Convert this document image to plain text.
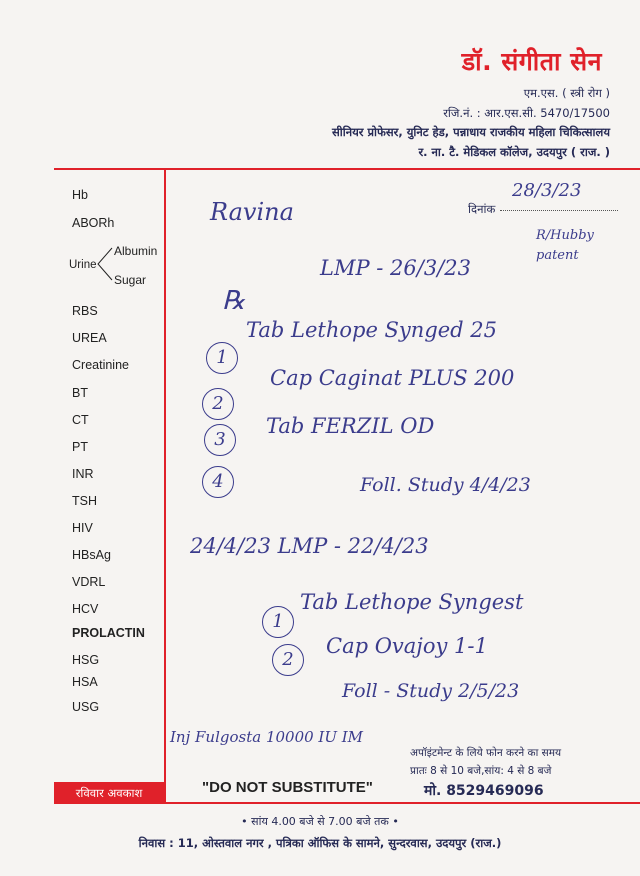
डॉ. संगीता सेन
एम.एस. ( स्त्री रोग )
रजि.नं. : आर.एस.सी. 5470/17500
सीनियर प्रोफेसर, युनिट हेड, पन्नाधाय राजकीय महिला चिकित्सालय
र. ना. टै. मेडिकल कॉलेज, उदयपुर ( राज. )
दिनांक
Hb
ABORh
RBS
UREA
Creatinine
BT
CT
PT
INR
TSH
HIV
HBsAg
VDRL
HCV
PROLACTIN
HSG
HSA
USG
Urine
Albumin
Sugar
28/3/23
Ravina
R/Hubby patent
LMP - 26/3/23
℞
1
Tab Lethope Synged 25
2
Cap Caginat PLUS 200
3
Tab FERZIL OD
4	Foll. Study 4/4/23
24/4/23 LMP - 22/4/23
1
Tab Lethope Syngest
2
Cap Ovajoy 1-1
Foll - Study 2/5/23
Inj Fulgosta 10000 IU IM
अपॉइंटमेन्ट के लिये फोन करने का समय
प्रातः 8 से 10 बजे,सांय: 4 से 8 बजे
रविवार अवकाश	"DO NOT SUBSTITUTE"	मो. 8529469096
• सांय 4.00 बजे से 7.00 बजे तक •
निवास : 11, ओस्तवाल नगर , पत्रिका ऑफिस के सामने, सुन्दरवास, उदयपुर (राज.)
